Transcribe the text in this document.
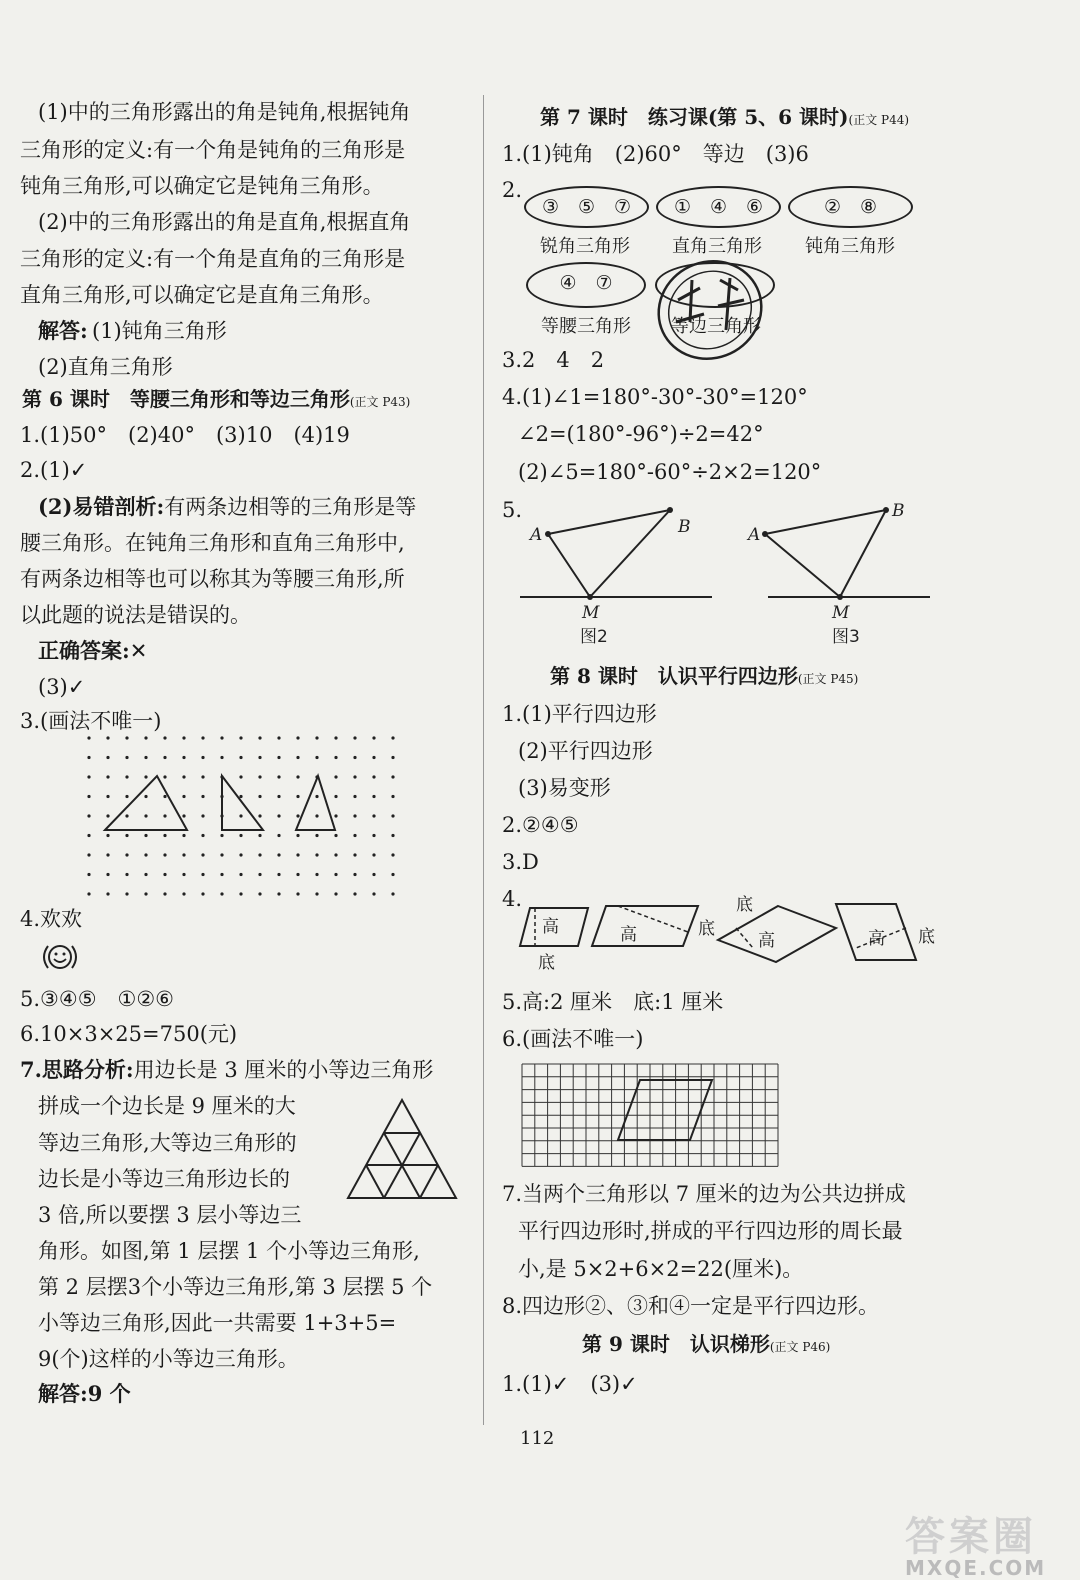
(1)中的三角形露出的角是钝角,根据钝角
三角形的定义:有一个角是钝角的三角形是
钝角三角形,可以确定它是钝角三角形。
(2)中的三角形露出的角是直角,根据直角
三角形的定义:有一个角是直角的三角形是
直角三角形,可以确定它是直角三角形。
解答: (1)钝角三角形
(2)直角三角形
第 6 课时　等腰三角形和等边三角形(正文 P43)
1.(1)50°　(2)40°　(3)10　(4)19
2.(1)✓
(2)易错剖析:有两条边相等的三角形是等
腰三角形。在钝角三角形和直角三角形中,
有两条边相等也可以称其为等腰三角形,所
以此题的说法是错误的。
正确答案:✕
(3)✓
3.(画法不唯一)
4.欢欢
5.③④⑤　①②⑥
6.10×3×25=750(元)
7.思路分析:用边长是 3 厘米的小等边三角形
拼成一个边长是 9 厘米的大
等边三角形,大等边三角形的
边长是小等边三角形边长的
3 倍,所以要摆 3 层小等边三
角形。如图,第 1 层摆 1 个小等边三角形,
第 2 层摆3个小等边三角形,第 3 层摆 5 个
小等边三角形,因此一共需要 1+3+5=
9(个)这样的小等边三角形。
解答:9 个
第 7 课时　练习课(第 5、6 课时)(正文 P44)
1.(1)钝角　(2)60°　等边　(3)6
2.
③　⑤　⑦	①　④　⑥	②　⑧
锐角三角形 直角三角形 钝角三角形
④　⑦
等腰三角形 等边三角形
3.2　4　2
4.(1)∠1=180°-30°-30°=120°
∠2=(180°-96°)÷2=42°
(2)∠5=180°-60°÷2×2=120°
5.
A	B
M
A
B
M
图2	图3
第 8 课时　认识平行四边形(正文 P45)
1.(1)平行四边形
(2)平行四边形
(3)易变形
2.②④⑤
3.D
4.
高
底
高	底
底
高	高 底
5.高:2 厘米　底:1 厘米
6.(画法不唯一)
7.当两个三角形以 7 厘米的边为公共边拼成
平行四边形时,拼成的平行四边形的周长最
小,是 5×2+6×2=22(厘米)。
8.四边形②、③和④一定是平行四边形。
第 9 课时　认识梯形(正文 P46)
1.(1)✓　(3)✓
112
答案圈
MXQE.COM
